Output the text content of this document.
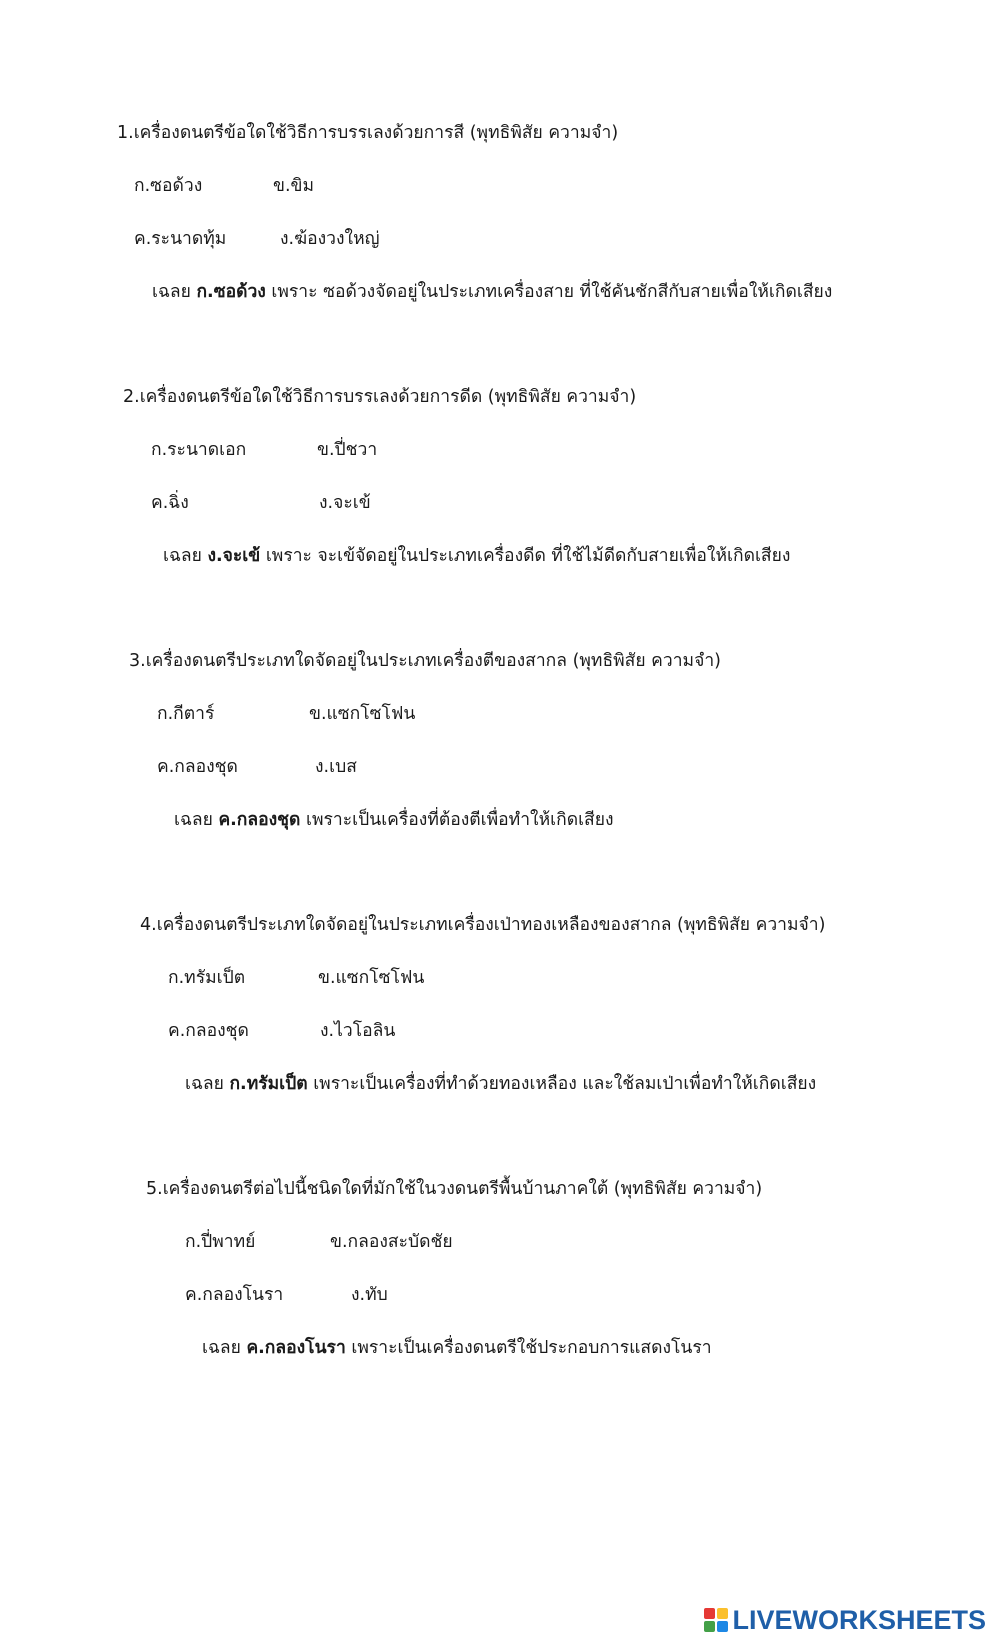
1.เครื่องดนตรีข้อใดใช้วิธีการบรรเลงด้วยการสี (พุทธิพิสัย ความจำ)
ก.ซอด้วง	ข.ขิม
ค.ระนาดทุ้ม	ง.ฆ้องวงใหญ่
เฉลย ก.ซอด้วง เพราะ ซอด้วงจัดอยู่ในประเภทเครื่องสาย ที่ใช้คันชักสีกับสายเพื่อให้เกิดเสียง
2.เครื่องดนตรีข้อใดใช้วิธีการบรรเลงด้วยการดีด (พุทธิพิสัย ความจำ)
ก.ระนาดเอก	ข.ปี่ชวา
ค.ฉิ่ง	ง.จะเข้
เฉลย ง.จะเข้ เพราะ จะเข้จัดอยู่ในประเภทเครื่องดีด ที่ใช้ไม้ดีดกับสายเพื่อให้เกิดเสียง
3.เครื่องดนตรีประเภทใดจัดอยู่ในประเภทเครื่องตีของสากล (พุทธิพิสัย ความจำ)
ก.กีตาร์	ข.แซกโซโฟน
ค.กลองชุด	ง.เบส
เฉลย ค.กลองชุด เพราะเป็นเครื่องที่ต้องตีเพื่อทำให้เกิดเสียง
4.เครื่องดนตรีประเภทใดจัดอยู่ในประเภทเครื่องเป่าทองเหลืองของสากล (พุทธิพิสัย ความจำ)
ก.ทรัมเป็ต	ข.แซกโซโฟน
ค.กลองชุด	ง.ไวโอลิน
เฉลย ก.ทรัมเป็ต เพราะเป็นเครื่องที่ทำด้วยทองเหลือง และใช้ลมเป่าเพื่อทำให้เกิดเสียง
5.เครื่องดนตรีต่อไปนี้ชนิดใดที่มักใช้ในวงดนตรีพื้นบ้านภาคใต้ (พุทธิพิสัย ความจำ)
ก.ปี่พาทย์	ข.กลองสะบัดชัย
ค.กลองโนรา	ง.ทับ
เฉลย ค.กลองโนรา เพราะเป็นเครื่องดนตรีใช้ประกอบการแสดงโนรา
LIVEWORKSHEETS
